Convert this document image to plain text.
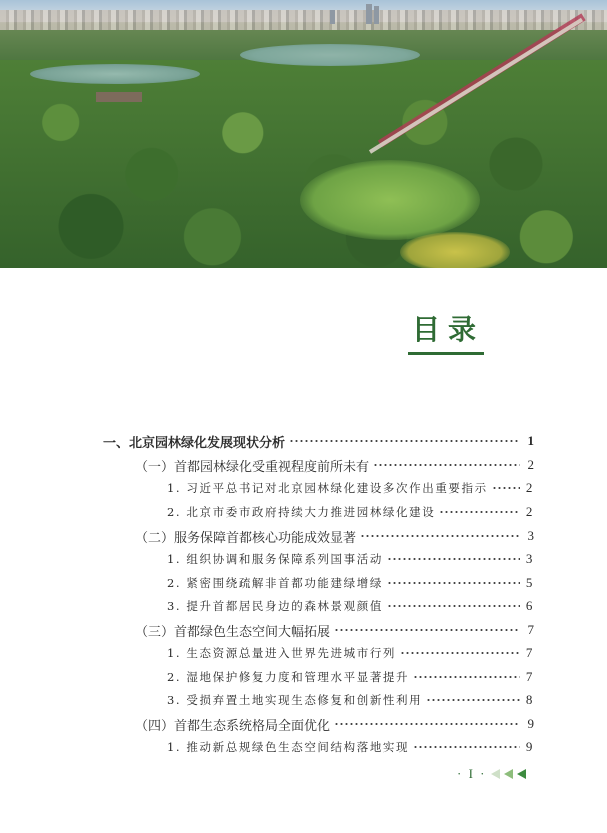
目录
一、北京园林绿化发展现状分析	1
（一）首都园林绿化受重视程度前所未有	2
1. 习近平总书记对北京园林绿化建设多次作出重要指示	2
2. 北京市委市政府持续大力推进园林绿化建设	2
（二）服务保障首都核心功能成效显著	3
1. 组织协调和服务保障系列国事活动	3
2. 紧密围绕疏解非首都功能建绿增绿	5
3. 提升首都居民身边的森林景观颜值	6
（三）首都绿色生态空间大幅拓展	7
1. 生态资源总量进入世界先进城市行列	7
2. 湿地保护修复力度和管理水平显著提升	7
3. 受损弃置土地实现生态修复和创新性利用	8
（四）首都生态系统格局全面优化	9
1. 推动新总规绿色生态空间结构落地实现	9
· I ·
